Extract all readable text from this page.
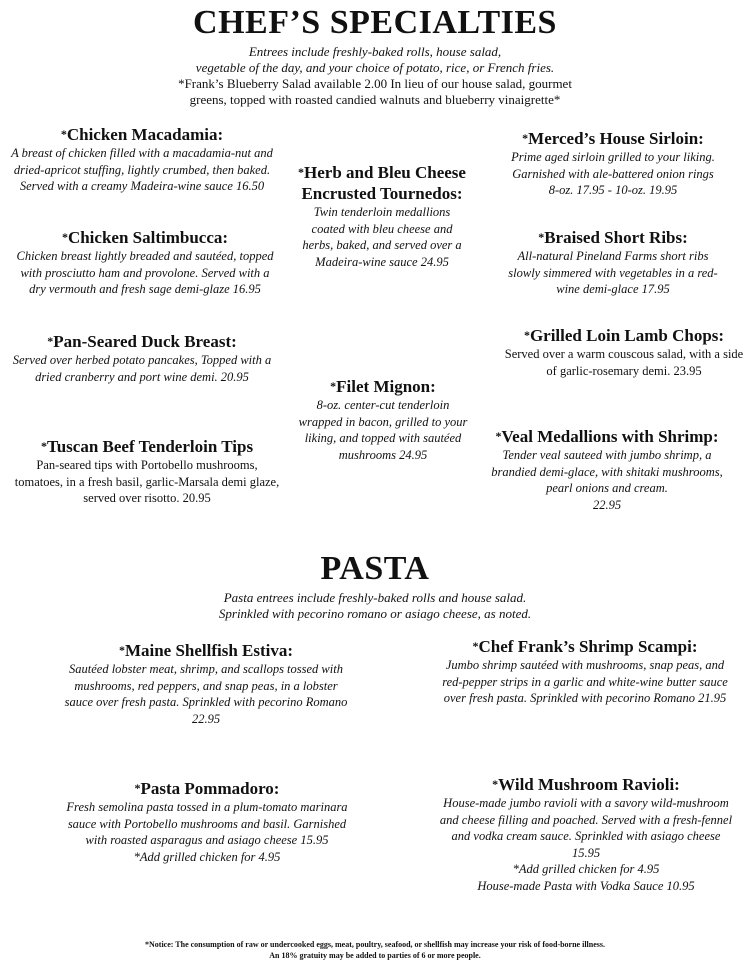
CHEF’S SPECIALTIES
Entrees include freshly-baked rolls, house salad,
vegetable of the day, and your choice of potato, rice, or French fries.
*Frank’s Blueberry Salad available 2.00 In lieu of our house salad, gourmet
greens, topped with roasted candied walnuts and blueberry vinaigrette*
*Chicken Macadamia:

A breast of chicken filled with a macadamia-nut and dried-apricot stuffing, lightly crumbed, then baked. Served with a creamy Madeira-wine sauce 16.50

*Chicken Saltimbucca:

Chicken breast lightly breaded and sautéed, topped with prosciutto ham and provolone. Served with a dry vermouth and fresh sage demi-glaze 16.95

*Pan-Seared Duck Breast:

Served over herbed potato pancakes, Topped with a dried cranberry and port wine demi. 20.95

*Tuscan Beef Tenderloin Tips

Pan-seared tips with Portobello mushrooms, tomatoes, in a fresh basil, garlic-Marsala demi glaze, served over risotto. 20.95

*Herb and Bleu Cheese Encrusted Tournedos:

Twin tenderloin medallions coated with bleu cheese and herbs, baked, and served over a Madeira-wine sauce 24.95

*Filet Mignon:

8-oz. center-cut tenderloin wrapped in bacon, grilled to your liking, and topped with sautéed mushrooms 24.95

*Merced’s House Sirloin:

Prime aged sirloin grilled to your liking. Garnished with ale-battered onion rings

8-oz. 17.95 - 10-oz. 19.95

*Braised Short Ribs:

All-natural Pineland Farms short ribs slowly simmered with vegetables in a red-wine demi-glace 17.95

*Grilled Loin Lamb Chops:

Served over a warm couscous salad, with a side of garlic-rosemary demi. 23.95

*Veal Medallions with Shrimp:

Tender veal sauteed with jumbo shrimp, a brandied demi-glace, with shitaki mushrooms, pearl onions and cream.

22.95

PASTA
Pasta entrees include freshly-baked rolls and house salad.
Sprinkled with pecorino romano or asiago cheese, as noted.
*Maine Shellfish Estiva:

Sautéed lobster meat, shrimp, and scallops tossed with mushrooms, red peppers, and snap peas, in a lobster sauce over fresh pasta. Sprinkled with pecorino Romano 22.95

*Pasta Pommadoro:

Fresh semolina pasta tossed in a plum-tomato marinara sauce with Portobello mushrooms and basil. Garnished with roasted asparagus and asiago cheese 15.95

*Add grilled chicken for 4.95

*Chef Frank’s Shrimp Scampi:

Jumbo shrimp sautéed with mushrooms, snap peas, and red-pepper strips in a garlic and white-wine butter sauce over fresh pasta. Sprinkled with pecorino Romano 21.95

*Wild Mushroom Ravioli:

House-made jumbo ravioli with a savory wild-mushroom and cheese filling and poached. Served with a fresh-fennel and vodka cream sauce. Sprinkled with asiago cheese 15.95

*Add grilled chicken for 4.95

House-made Pasta with Vodka Sauce 10.95

*Notice: The consumption of raw or undercooked eggs, meat, poultry, seafood, or shellfish may increase your risk of food-borne illness.
An 18% gratuity may be added to parties of 6 or more people.
